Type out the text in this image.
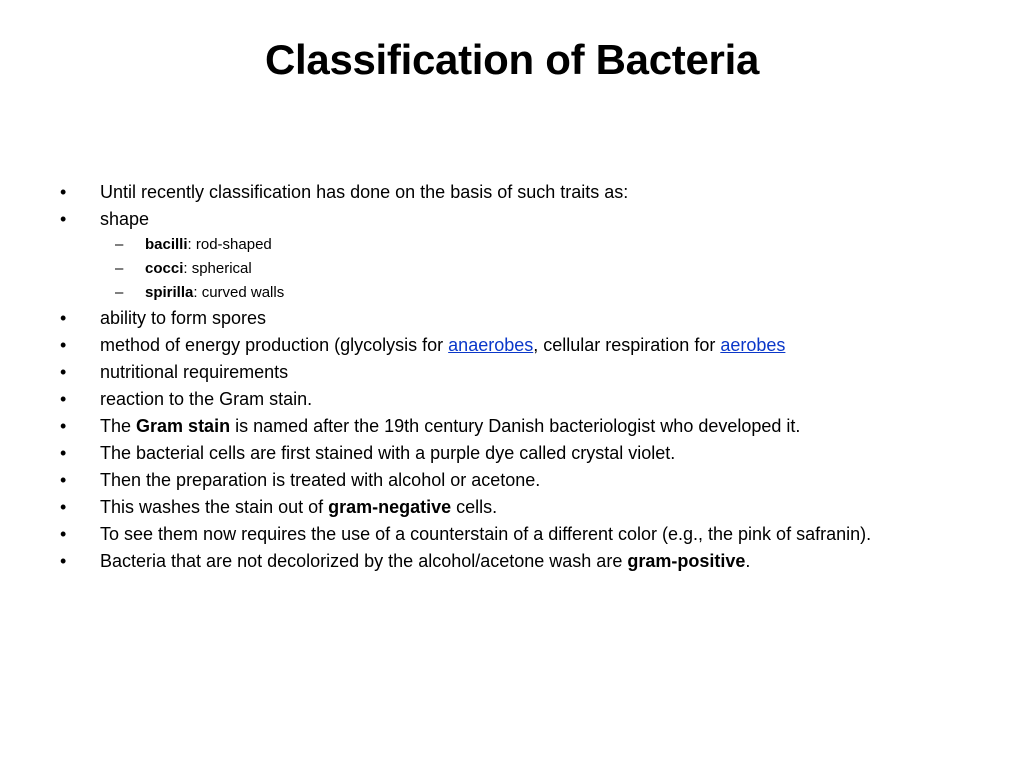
Classification of Bacteria
• Until recently classification has done on the basis of such traits as:
• shape
– bacilli: rod-shaped
– cocci: spherical
– spirilla: curved walls
• ability to form spores
• method of energy production (glycolysis for anaerobes, cellular respiration for aerobes
• nutritional requirements
• reaction to the Gram stain.
• The Gram stain is named after the 19th century Danish bacteriologist who developed it.
• The bacterial cells are first stained with a purple dye called crystal violet.
• Then the preparation is treated with alcohol or acetone.
• This washes the stain out of gram-negative cells.
• To see them now requires the use of a counterstain of a different color (e.g., the pink of safranin).
• Bacteria that are not decolorized by the alcohol/acetone wash are gram-positive.
